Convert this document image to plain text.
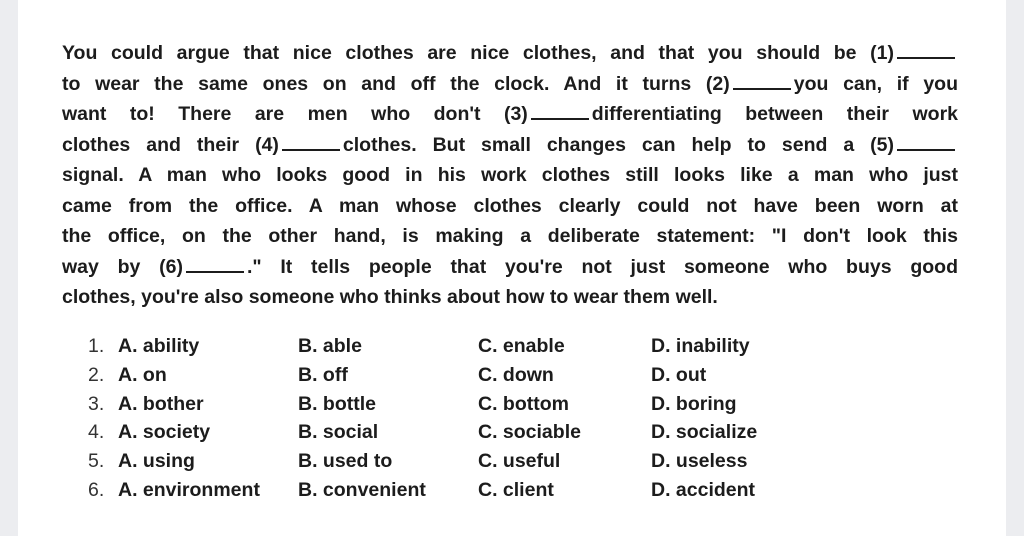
You could argue that nice clothes are nice clothes, and that you should be (1)
to wear the same ones on and off the clock. And it turns (2)	you can, if you
want to! There are men who don't (3)	differentiating between their work
clothes and their (4)	clothes. But small changes can help to send a (5)
signal. A man who looks good in his work clothes still looks like a man who just
came from the office. A man whose clothes clearly could not have been worn at
the office, on the other hand, is making a deliberate statement: "I don't look this
way by (6)	." It tells people that you're not just someone who buys good
clothes, you're also someone who thinks about how to wear them well.
1. A. ability	B. able	C. enable	D. inability
2. A. on	B. off	C. down	D. out
3. A. bother	B. bottle	C. bottom	D. boring
4. A. society	B. social	C. sociable	D. socialize
5. A. using	B. used to	C. useful	D. useless
6. A. environment	B. convenient	C. client	D. accident
